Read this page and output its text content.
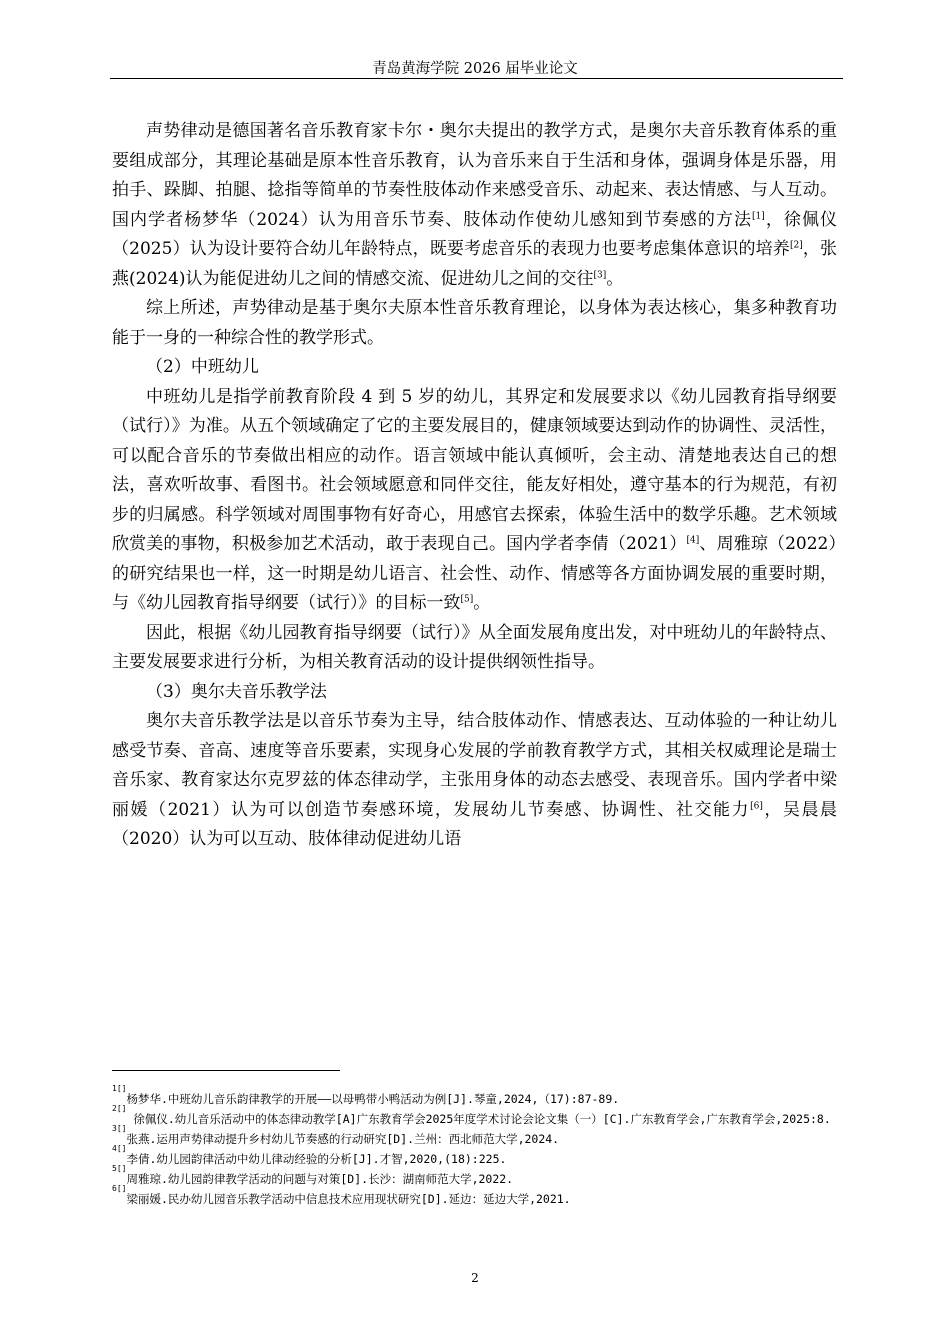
青岛黄海学院 2026 届毕业论文

声势律动是德国著名音乐教育家卡尔・奥尔夫提出的教学方式，是奥尔夫音乐教育体系的重要组成部分，其理论基础是原本性音乐教育，认为音乐来自于生活和身体，强调身体是乐器，用拍手、跺脚、拍腿、捻指等简单的节奏性肢体动作来感受音乐、动起来、表达情感、与人互动。国内学者杨梦华（2024）认为用音乐节奏、肢体动作使幼儿感知到节奏感的方法[1]，徐佩仪（2025）认为设计要符合幼儿年龄特点，既要考虑音乐的表现力也要考虑集体意识的培养[2]，张燕(2024)认为能促进幼儿之间的情感交流、促进幼儿之间的交往[3]。

综上所述，声势律动是基于奥尔夫原本性音乐教育理论，以身体为表达核心，集多种教育功能于一身的一种综合性的教学形式。

（2）中班幼儿

中班幼儿是指学前教育阶段 4 到 5 岁的幼儿，其界定和发展要求以《幼儿园教育指导纲要（试行）》为准。从五个领域确定了它的主要发展目的，健康领域要达到动作的协调性、灵活性，可以配合音乐的节奏做出相应的动作。语言领域中能认真倾听，会主动、清楚地表达自己的想法，喜欢听故事、看图书。社会领域愿意和同伴交往，能友好相处，遵守基本的行为规范，有初步的归属感。科学领域对周围事物有好奇心，用感官去探索，体验生活中的数学乐趣。艺术领域欣赏美的事物，积极参加艺术活动，敢于表现自己。国内学者李倩（2021）[4]、周雅琼（2022）的研究结果也一样，这一时期是幼儿语言、社会性、动作、情感等各方面协调发展的重要时期，与《幼儿园教育指导纲要（试行）》的目标一致[5]。

因此，根据《幼儿园教育指导纲要（试行）》从全面发展角度出发，对中班幼儿的年龄特点、主要发展要求进行分析，为相关教育活动的设计提供纲领性指导。

（3）奥尔夫音乐教学法

奥尔夫音乐教学法是以音乐节奏为主导，结合肢体动作、情感表达、互动体验的一种让幼儿感受节奏、音高、速度等音乐要素，实现身心发展的学前教育教学方式，其相关权威理论是瑞士音乐家、教育家达尔克罗兹的体态律动学，主张用身体的动态去感受、表现音乐。国内学者中梁丽媛（2021）认为可以创造节奏感环境，发展幼儿节奏感、协调性、社交能力[6]，吴晨晨（2020）认为可以互动、肢体律动促进幼儿语

$^{1[]}$杨梦华.中班幼儿音乐韵律教学的开展——以母鸭带小鸭活动为例[J].琴童,2024,（17):87-89.

$^{2[]}$ 徐佩仪.幼儿音乐活动中的体态律动教学[A]广东教育学会2025年度学术讨论会论文集（一）[C].广东教育学会,广东教育学会,2025:8.

$^{3[]}$张燕.运用声势律动提升乡村幼儿节奏感的行动研究[D].兰州：西北师范大学,2024.

$^{4[]}$李倩.幼儿园韵律活动中幼儿律动经验的分析[J].才智,2020,(18):225.

$^{5[]}$周雅琼.幼儿园韵律教学活动的问题与对策[D].长沙：湖南师范大学,2022.

$^{6[]}$梁丽媛.民办幼儿园音乐教学活动中信息技术应用现状研究[D].延边：延边大学,2021.

2
